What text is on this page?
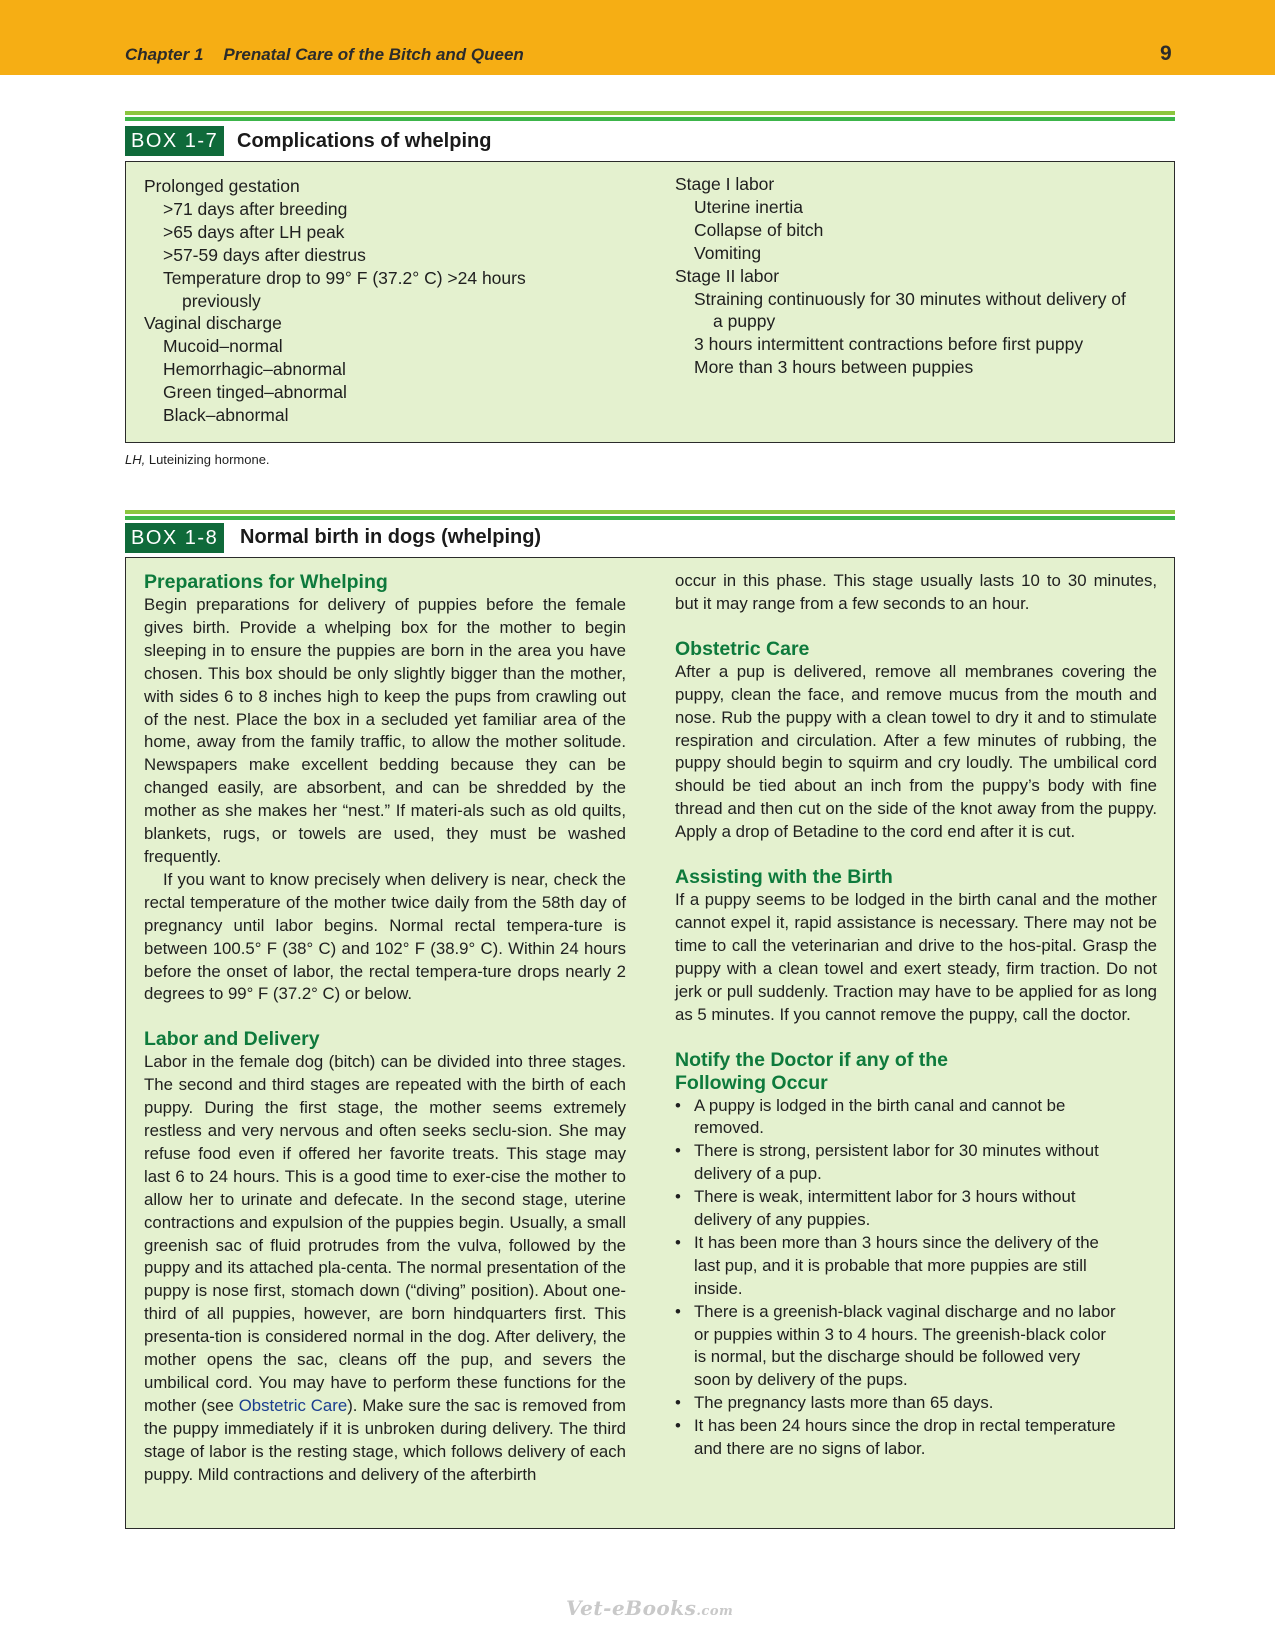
Chapter 1 Prenatal Care of the Bitch and Queen	9
BOX 1-7 Complications of whelping
Prolonged gestation
>71 days after breeding
>65 days after LH peak
>57-59 days after diestrus
Temperature drop to 99° F (37.2° C) >24 hours
previously
Vaginal discharge
Mucoid–normal
Hemorrhagic–abnormal
Green tinged–abnormal
Black–abnormal
Stage I labor
Uterine inertia
Collapse of bitch
Vomiting
Stage II labor
Straining continuously for 30 minutes without delivery of
a puppy
3 hours intermittent contractions before first puppy
More than 3 hours between puppies
LH, Luteinizing hormone.
BOX 1-8	Normal birth in dogs (whelping)
Preparations for Whelping

Begin preparations for delivery of puppies before the female gives birth. Provide a whelping box for the mother to begin sleeping in to ensure the puppies are born in the area you have chosen. This box should be only slightly bigger than the mother, with sides 6 to 8 inches high to keep the pups from crawling out of the nest. Place the box in a secluded yet familiar area of the home, away from the family traffic, to allow the mother solitude. Newspapers make excellent bedding because they can be changed easily, are absorbent, and can be shredded by the mother as she makes her “nest.” If materi-als such as old quilts, blankets, rugs, or towels are used, they must be washed frequently.

If you want to know precisely when delivery is near, check the rectal temperature of the mother twice daily from the 58th day of pregnancy until labor begins. Normal rectal tempera-ture is between 100.5° F (38° C) and 102° F (38.9° C). Within 24 hours before the onset of labor, the rectal tempera-ture drops nearly 2 degrees to 99° F (37.2° C) or below.

Labor and Delivery

Labor in the female dog (bitch) can be divided into three stages. The second and third stages are repeated with the birth of each puppy. During the first stage, the mother seems extremely restless and very nervous and often seeks seclu-sion. She may refuse food even if offered her favorite treats. This stage may last 6 to 24 hours. This is a good time to exer-cise the mother to allow her to urinate and defecate. In the second stage, uterine contractions and expulsion of the puppies begin. Usually, a small greenish sac of fluid protrudes from the vulva, followed by the puppy and its attached pla-centa. The normal presentation of the puppy is nose first, stomach down (“diving” position). About one-third of all puppies, however, are born hindquarters first. This presenta-tion is considered normal in the dog. After delivery, the mother opens the sac, cleans off the pup, and severs the umbilical cord. You may have to perform these functions for the mother (see Obstetric Care). Make sure the sac is removed from the puppy immediately if it is unbroken during delivery. The third stage of labor is the resting stage, which follows delivery of each puppy. Mild contractions and delivery of the afterbirth

occur in this phase. This stage usually lasts 10 to 30 minutes, but it may range from a few seconds to an hour.

Obstetric Care

After a pup is delivered, remove all membranes covering the puppy, clean the face, and remove mucus from the mouth and nose. Rub the puppy with a clean towel to dry it and to stimulate respiration and circulation. After a few minutes of rubbing, the puppy should begin to squirm and cry loudly. The umbilical cord should be tied about an inch from the puppy’s body with fine thread and then cut on the side of the knot away from the puppy. Apply a drop of Betadine to the cord end after it is cut.

Assisting with the Birth

If a puppy seems to be lodged in the birth canal and the mother cannot expel it, rapid assistance is necessary. There may not be time to call the veterinarian and drive to the hos-pital. Grasp the puppy with a clean towel and exert steady, firm traction. Do not jerk or pull suddenly. Traction may have to be applied for as long as 5 minutes. If you cannot remove the puppy, call the doctor.

Notify the Doctor if any of the
Following Occur
• A puppy is lodged in the birth canal and cannot be
removed.
• There is strong, persistent labor for 30 minutes without
delivery of a pup.
• There is weak, intermittent labor for 3 hours without
delivery of any puppies.
• It has been more than 3 hours since the delivery of the
last pup, and it is probable that more puppies are still
inside.
• There is a greenish-black vaginal discharge and no labor
or puppies within 3 to 4 hours. The greenish-black color
is normal, but the discharge should be followed very
soon by delivery of the pups.
• The pregnancy lasts more than 65 days.
• It has been 24 hours since the drop in rectal temperature
and there are no signs of labor.
Vet-eBooks.com
